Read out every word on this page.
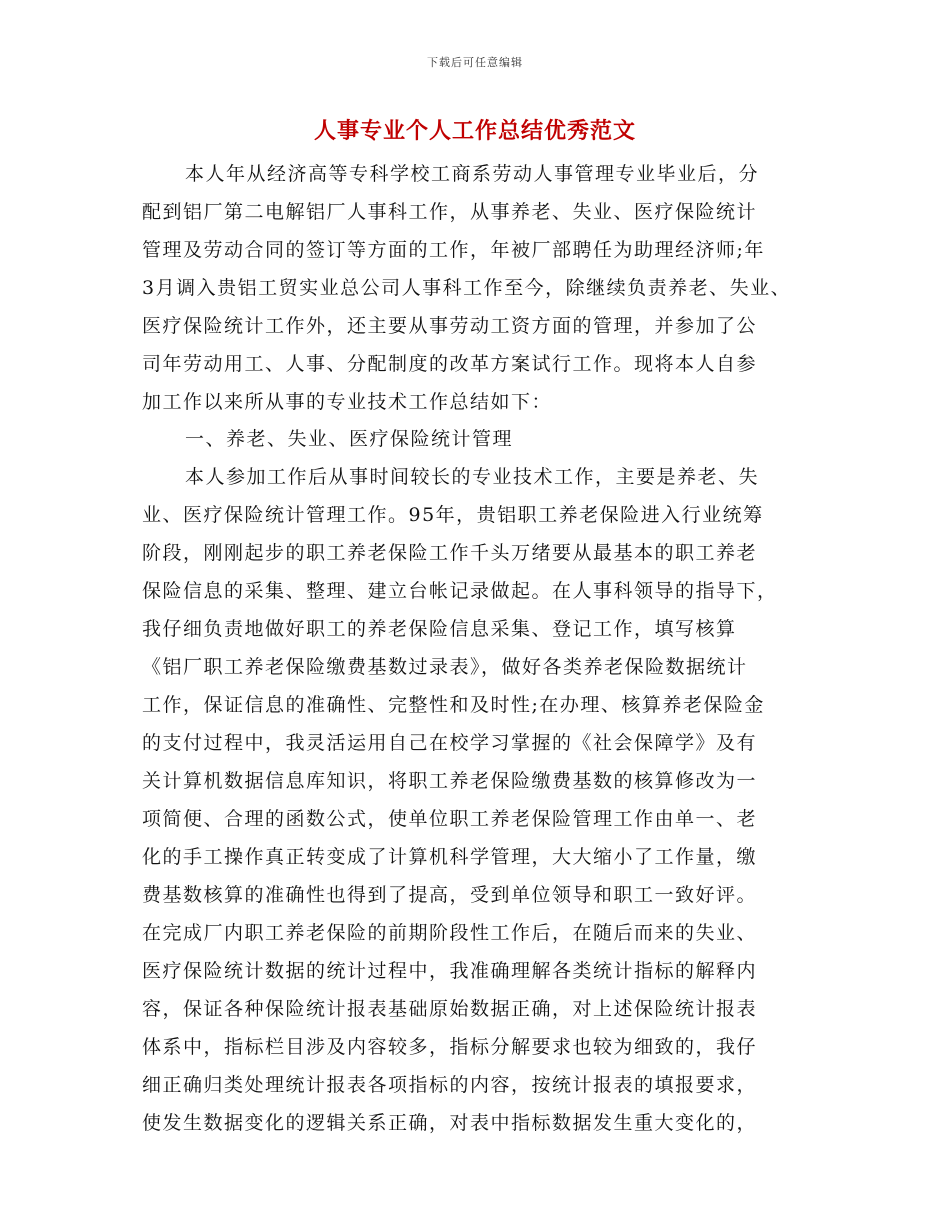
下载后可任意编辑
人事专业个人工作总结优秀范文
本人年从经济高等专科学校工商系劳动人事管理专业毕业后，分
配到铝厂第二电解铝厂人事科工作，从事养老、失业、医疗保险统计
管理及劳动合同的签订等方面的工作，年被厂部聘任为助理经济师;年
3月调入贵铝工贸实业总公司人事科工作至今，除继续负责养老、失业、
医疗保险统计工作外，还主要从事劳动工资方面的管理，并参加了公
司年劳动用工、人事、分配制度的改革方案试行工作。现将本人自参
加工作以来所从事的专业技术工作总结如下：
一、养老、失业、医疗保险统计管理
本人参加工作后从事时间较长的专业技术工作，主要是养老、失
业、医疗保险统计管理工作。95年，贵铝职工养老保险进入行业统筹
阶段，刚刚起步的职工养老保险工作千头万绪要从最基本的职工养老
保险信息的采集、整理、建立台帐记录做起。在人事科领导的指导下，
我仔细负责地做好职工的养老保险信息采集、登记工作，填写核算
《铝厂职工养老保险缴费基数过录表》，做好各类养老保险数据统计
工作，保证信息的准确性、完整性和及时性;在办理、核算养老保险金
的支付过程中，我灵活运用自己在校学习掌握的《社会保障学》及有
关计算机数据信息库知识，将职工养老保险缴费基数的核算修改为一
项简便、合理的函数公式，使单位职工养老保险管理工作由单一、老
化的手工操作真正转变成了计算机科学管理，大大缩小了工作量，缴
费基数核算的准确性也得到了提高，受到单位领导和职工一致好评。
在完成厂内职工养老保险的前期阶段性工作后，在随后而来的失业、
医疗保险统计数据的统计过程中，我准确理解各类统计指标的解释内
容，保证各种保险统计报表基础原始数据正确，对上述保险统计报表
体系中，指标栏目涉及内容较多，指标分解要求也较为细致的，我仔
细正确归类处理统计报表各项指标的内容，按统计报表的填报要求，
使发生数据变化的逻辑关系正确，对表中指标数据发生重大变化的，
